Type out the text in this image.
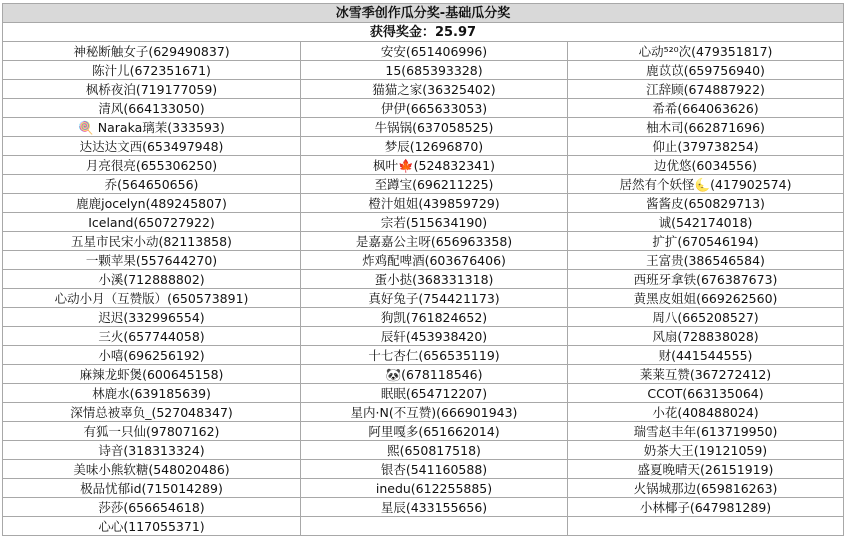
冰雪季创作瓜分奖-基础瓜分奖		
获得奖金：25.97		
神秘断触女子(629490837)	安安(651406996)	心动⁵²⁰次(479351817)
陈汁儿(672351671)	15(685393328)	鹿苡苡(659756940)
枫桥夜泊(719177059)	猫猫之家(36325402)	江辞顾(674887922)
清风(664133050)	伊伊(665633053)	希希(664063626)
🍭 Naraka璃茉(333593)	牛锅锅(637058525)	柚木司(662871696)
达达达文西(653497948)	梦辰(12696870)	仰止(379738254)
月亮很亮(655306250)	枫叶🍁(524832341)	边优悠(6034556)
乔(564650656)	至蹲宝(696211225)	居然有个妖怪🌜(417902574)
鹿鹿jocelyn(489245807)	橙汁姐姐(439859729)	酱酱皮(650829713)
Iceland(650727922)	宗若(515634190)	诚(542174018)
五星市民宋小动(82113858)	是嘉嘉公主呀(656963358)	扩扩(670546194)
一颗苹果(557644270)	炸鸡配啤酒(603676406)	王富贵(386546584)
小溪(712888802)	蛋小挞(368331318)	西班牙拿铁(676387673)
心动小月（互赞版）(650573891)	真好兔子(754421173)	黄黑皮姐姐(669262560)
迟迟(332996554)	狗凯(761824652)	周八(665208527)
三火(657744058)	辰轩(453938420)	风扇(728838028)
小嘻(696256192)	十七杏仁(656535119)	财(441544555)
麻辣龙虾煲(600645158)	🐼(678118546)	莱莱互赞(367272412)
林鹿水(639185639)	眠眠(654712207)	CCOT(663135064)
深情总被辜负_(527048347)	星内·N(不互赞)(666901943)	小花(408488024)
有狐一只仙(97807162)	阿里嘎多(651662014)	瑞雪赵丰年(613719950)
诗音(318313324)	熙(650817518)	奶茶大王(19121059)
美味小熊软糖(548020486)	银杏(541160588)	盛夏晚晴天(26151919)
极品忧郁id(715014289)	inedu(612255885)	火锅城那边(659816263)
莎莎(656654618)	星辰(433155656)	小林椰子(647981289)
心心(117055371)		
